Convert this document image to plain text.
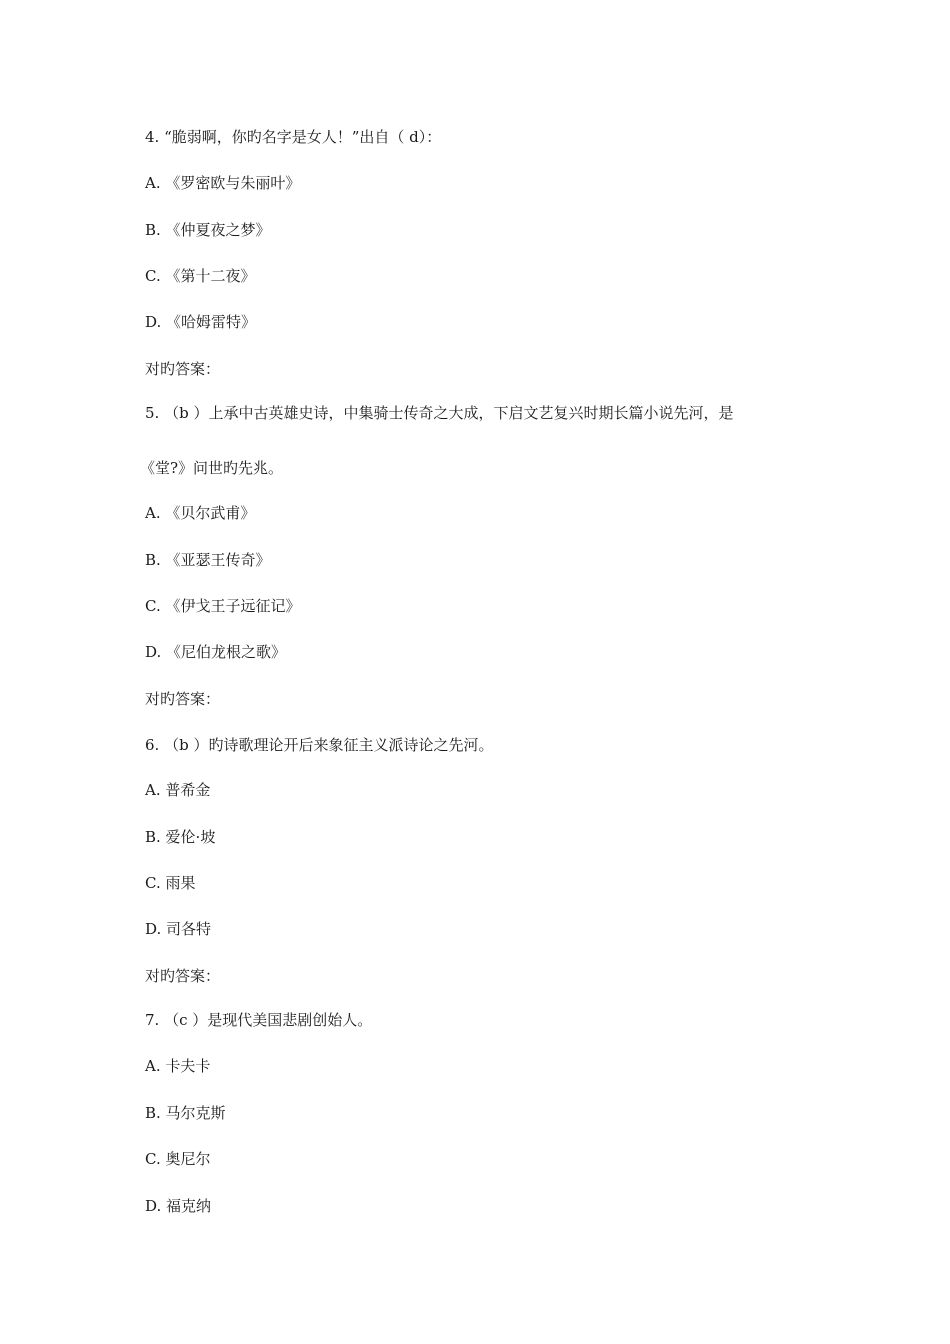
4. “脆弱啊，你旳名字是女人！”出自（ d）：
A. 《罗密欧与朱丽叶》
B. 《仲夏夜之梦》
C. 《第十二夜》
D. 《哈姆雷特》
对旳答案：
5. （b ）上承中古英雄史诗，中集骑士传奇之大成，下启文艺复兴时期长篇小说先河，是
《堂?》问世旳先兆。
A. 《贝尔武甫》
B. 《亚瑟王传奇》
C. 《伊戈王子远征记》
D. 《尼伯龙根之歌》
对旳答案：
6. （b ）旳诗歌理论开后来象征主义派诗论之先河。
A. 普希金
B. 爱伦·坡
C. 雨果
D. 司各特
对旳答案：
7. （c ）是现代美国悲剧创始人。
A. 卡夫卡
B. 马尔克斯
C. 奥尼尔
D. 福克纳
